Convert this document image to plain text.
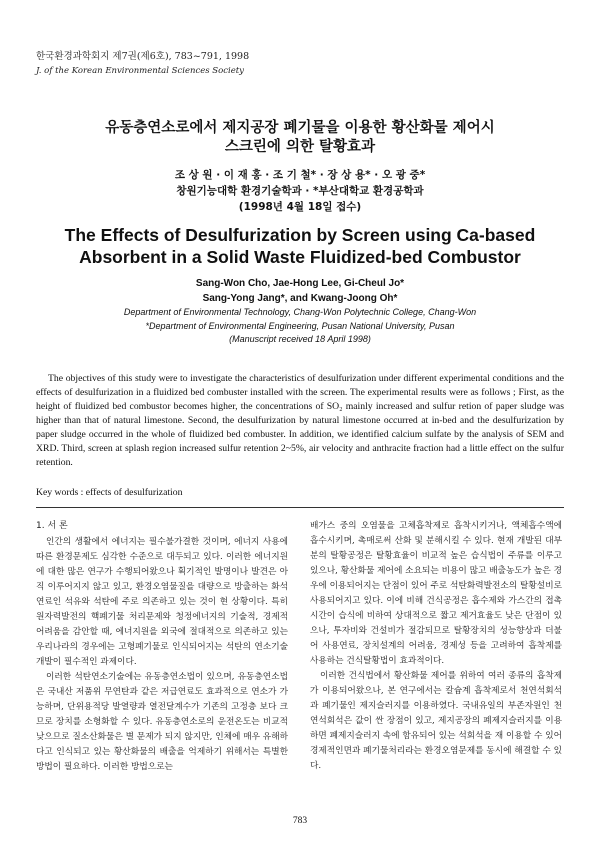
한국환경과학회지 제7권(제6호), 783~791, 1998
J. of the Korean Environmental Sciences Society
유동층연소로에서 제지공장 폐기물을 이용한 황산화물 제어시
스크린에 의한 탈황효과
조 상 원 · 이 재 홍 · 조 기 철* · 장 상 용* · 오 광 중*
창원기능대학 환경기술학과 · *부산대학교 환경공학과
(1998년 4월 18일 접수)
The Effects of Desulfurization by Screen using Ca-based
Absorbent in a Solid Waste Fluidized-bed Combustor
Sang-Won Cho, Jae-Hong Lee, Gi-Cheul Jo*
Sang-Yong Jang*, and Kwang-Joong Oh*
Department of Environmental Technology, Chang-Won Polytechnic College, Chang-Won
*Department of Environmental Engineering, Pusan National University, Pusan
(Manuscript received 18 April 1998)
The objectives of this study were to investigate the characteristics of desulfurization under different experimental conditions and the effects of desulfurization in a fluidized bed combuster installed with the screen. The experimental results were as follows ; First, as the height of fluidized bed combustor becomes higher, the concentrations of SO₂ mainly increased and sulfur retion of paper sludge was higher than that of natural limestone. Second, the desulfurization by natural limestone occurred at in-bed and the desulfurization by paper sludge occurred in the whole of fluidized bed combuster. In addition, we identified calcium sulfate by the analysis of SEM and XRD. Third, screen at splash region increased sulfur retention 2~5%, air velocity and anthracite fraction had a little effect on the sulfur retention.
Key words : effects of desulfurization
1. 서 론

인간의 생활에서 에너지는 필수불가결한 것이며, 에너지 사용에 따른 환경문제도 심각한 수준으로 대두되고 있다. 이러한 에너지원에 대한 많은 연구가 수행되어왔으나 획기적인 발명이나 발견은 아직 이루어지지 않고 있고, 환경오염물질을 대량으로 방출하는 화석연료인 석유와 석탄에 주로 의존하고 있는 것이 현 상황이다. 특히 원자력발전의 핵폐기물 처리문제와 청정에너지의 기술적, 경제적 어려움을 감안할 때, 에너지원을 외국에 절대적으로 의존하고 있는 우리나라의 경우에는 고형폐기물로 인식되어지는 석탄의 연소기술 개발이 필수적인 과제이다.

이러한 석탄연소기술에는 유동층연소법이 있으며, 유동층연소법은 국내산 저품위 무연탄과 같은 저급연료도 효과적으로 연소가 가능하며, 단위용적당 발열량과 열전달계수가 기존의 고정층 보다 크므로 장치를 소형화할 수 있다. 유동층연소로의 운전온도는 비교적 낮으므로 질소산화물은 별 문제가 되지 않지만, 인체에 매우 유해하다고 인식되고 있는 황산화물의 배출을 억제하기 위해서는 특별한 방법이 필요하다. 이러한 방법으로는

배가스 중의 오염물을 고체흡착제로 흡착시키거나, 액체흡수액에 흡수시키며, 촉매로써 산화 및 분해시킬 수 있다. 현재 개발된 대부분의 탈황공정은 탈황효율이 비교적 높은 습식법이 주류를 이루고 있으나, 황산화물 제어에 소요되는 비용이 많고 배출농도가 높은 경우에 이용되어지는 단점이 있어 주로 석탄화력발전소의 탈황설비로 사용되어지고 있다. 이에 비해 건식공정은 흡수제와 가스간의 접촉시간이 습식에 비하여 상대적으로 짧고 제거효율도 낮은 단점이 있으나, 투자비와 건설비가 절감되므로 탈황장치의 성능향상과 더불어 사용연료, 장치설계의 어려움, 경제성 등을 고려하여 흡착제를 사용하는 건식탈황법이 효과적이다.

이러한 건식법에서 황산화물 제어를 위하여 여러 종류의 흡착제가 이용되어왔으나, 본 연구에서는 칼슘계 흡착제로서 천연석회석과 폐기물인 제지슬러지를 이용하였다. 국내유일의 부존자원인 천연석회석은 값이 싼 장점이 있고, 제지공장의 폐제지슬러지를 이용하면 폐제지슬러지 속에 함유되어 있는 석회석을 재 이용할 수 있어 경제적인면과 폐기물처리라는 환경오염문제를 동시에 해결할 수 있다.

783
